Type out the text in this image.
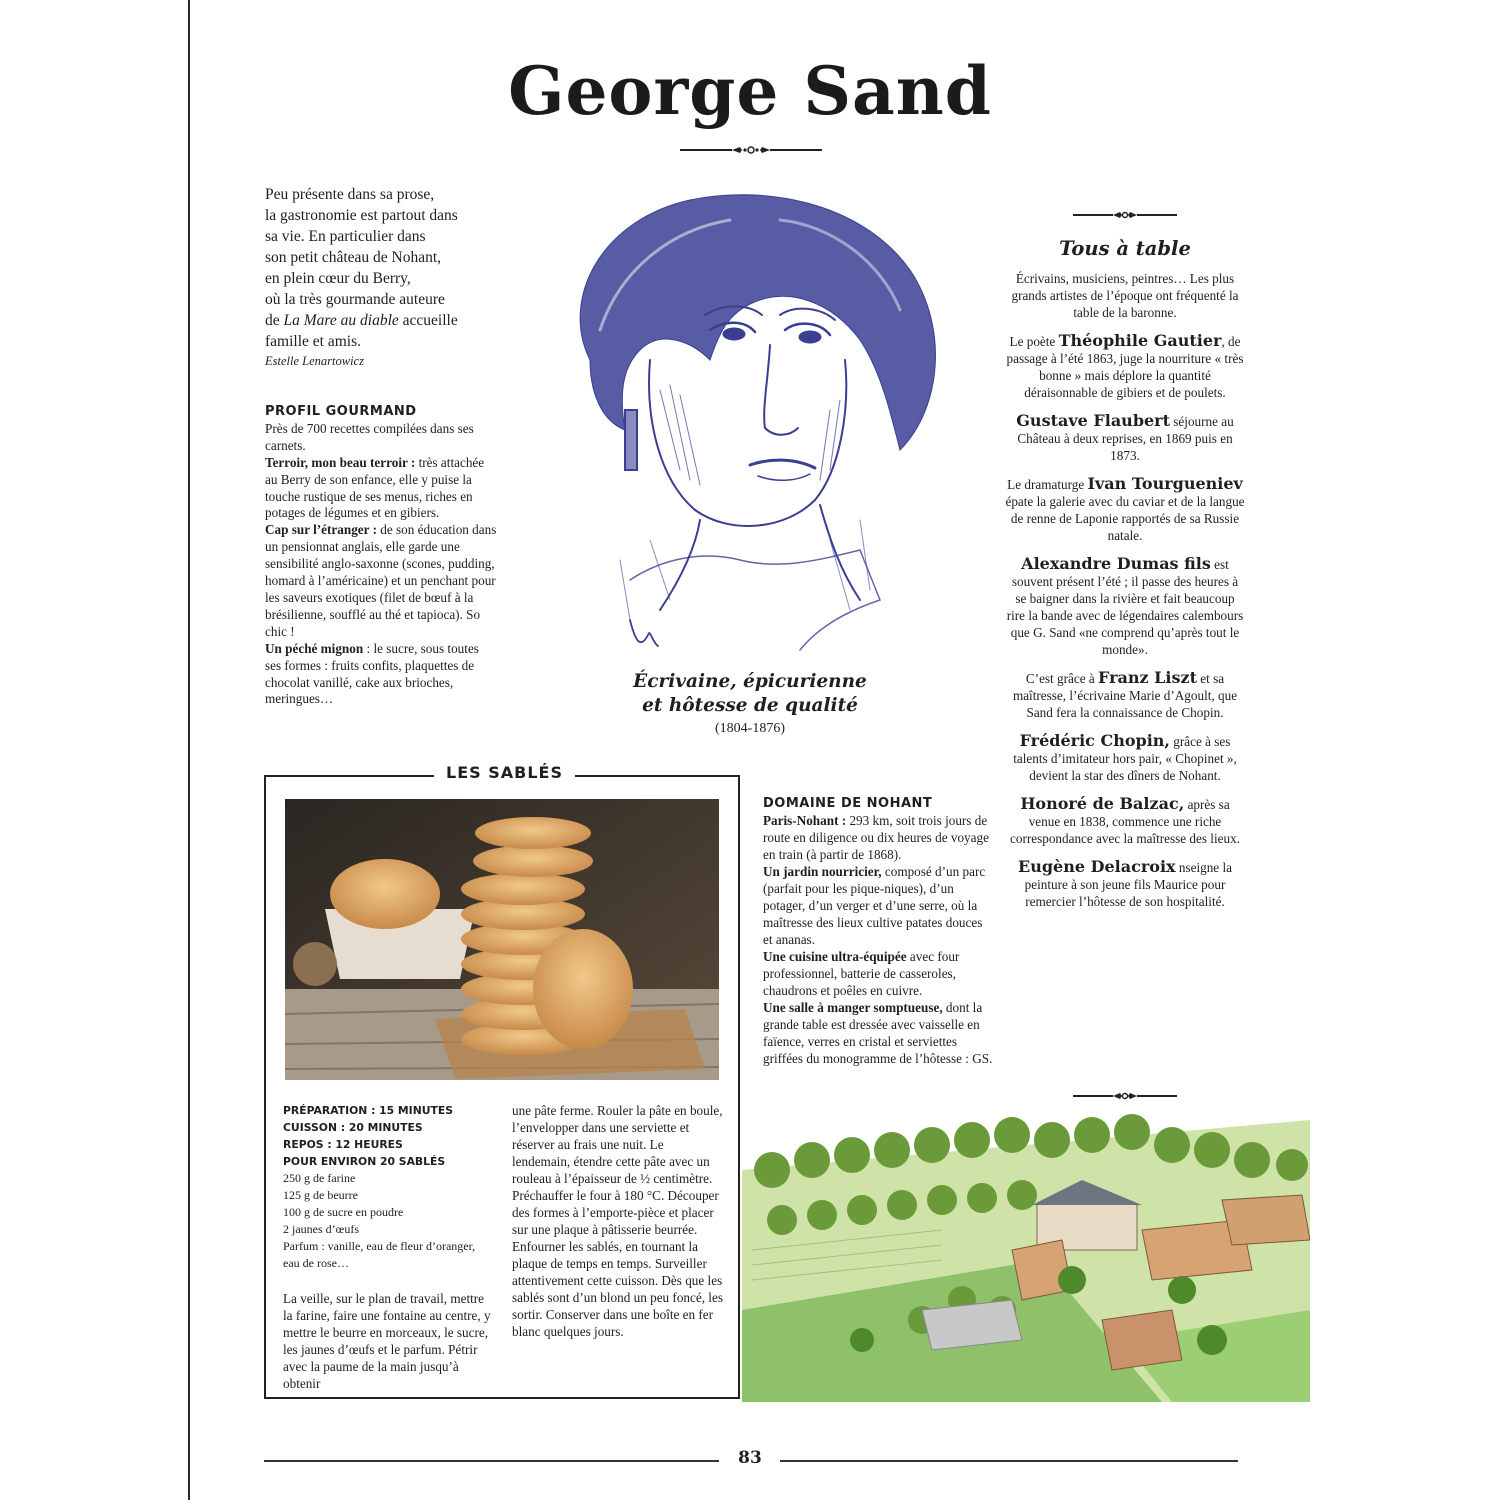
George Sand
Peu présente dans sa prose,
la gastronomie est partout dans
sa vie. En particulier dans
son petit château de Nohant,
en plein cœur du Berry,
où la très gourmande auteure
de La Mare au diable accueille
famille et amis.
Estelle Lenartowicz
PROFIL GOURMAND

Près de 700 recettes compilées dans ses carnets.
Terroir, mon beau terroir : très attachée au Berry de son enfance, elle y puise la touche rustique de ses menus, riches en potages de légumes et en gibiers.
Cap sur l’étranger : de son éducation dans un pensionnat anglais, elle garde une sensibilité anglo-saxonne (scones, pudding, homard à l’américaine) et un penchant pour les saveurs exotiques (filet de bœuf à la brésilienne, soufflé au thé et tapioca). So chic !
Un péché mignon : le sucre, sous toutes ses formes : fruits confits, plaquettes de chocolat vanillé, cake aux brioches, meringues…

Écrivaine, épicurienne
et hôtesse de qualité
(1804-1876)
Tous à table

Écrivains, musiciens, peintres… Les plus grands artistes de l’époque ont fréquenté la table de la baronne.

Le poète Théophile Gautier, de passage à l’été 1863, juge la nourriture « très bonne » mais déplore la quantité déraisonnable de gibiers et de poulets.

Gustave Flaubert séjourne au Château à deux reprises, en 1869 puis en 1873.

Le dramaturge Ivan Tourgueniev épate la galerie avec du caviar et de la langue de renne de Laponie rapportés de sa Russie natale.

Alexandre Dumas fils est souvent présent l’été ; il passe des heures à se baigner dans la rivière et fait beaucoup rire la bande avec de légendaires calembours que G. Sand «ne comprend qu’après tout le monde».

C’est grâce à Franz Liszt et sa maîtresse, l’écrivaine Marie d’Agoult, que Sand fera la connaissance de Chopin.

Frédéric Chopin, grâce à ses talents d’imitateur hors pair, « Chopinet », devient la star des dîners de Nohant.

Honoré de Balzac, après sa venue en 1838, commence une riche correspondance avec la maîtresse des lieux.

Eugène Delacroix nseigne la peinture à son jeune fils Maurice pour remercier l’hôtesse de son hospitalité.

LES SABLÉS
PRÉPARATION : 15 MINUTES
CUISSON : 20 MINUTES
REPOS : 12 HEURES
POUR ENVIRON 20 SABLÉS
250 g de farine
125 g de beurre
100 g de sucre en poudre
2 jaunes d’œufs
Parfum : vanille, eau de fleur d’oranger, eau de rose…
La veille, sur le plan de travail, mettre la farine, faire une fontaine au centre, y mettre le beurre en morceaux, le sucre, les jaunes d’œufs et le parfum. Pétrir avec la paume de la main jusqu’à obtenir
une pâte ferme. Rouler la pâte en boule, l’envelopper dans une serviette et réserver au frais une nuit. Le lendemain, étendre cette pâte avec un rouleau à l’épaisseur de ½ centimètre. Préchauffer le four à 180 °C. Découper des formes à l’emporte-pièce et placer sur une plaque à pâtisserie beurrée. Enfourner les sablés, en tournant la plaque de temps en temps. Surveiller attentivement cette cuisson. Dès que les sablés sont d’un blond un peu foncé, les sortir. Conserver dans une boîte en fer blanc quelques jours.
DOMAINE DE NOHANT

Paris-Nohant : 293 km, soit trois jours de route en diligence ou dix heures de voyage en train (à partir de 1868).
Un jardin nourricier, composé d’un parc (parfait pour les pique-niques), d’un potager, d’un verger et d’une serre, où la maîtresse des lieux cultive patates douces et ananas.
Une cuisine ultra-équipée avec four professionnel, batterie de casseroles, chaudrons et poêles en cuivre.
Une salle à manger somptueuse, dont la grande table est dressée avec vaisselle en faïence, verres en cristal et serviettes griffées du monogramme de l’hôtesse : GS.

83
